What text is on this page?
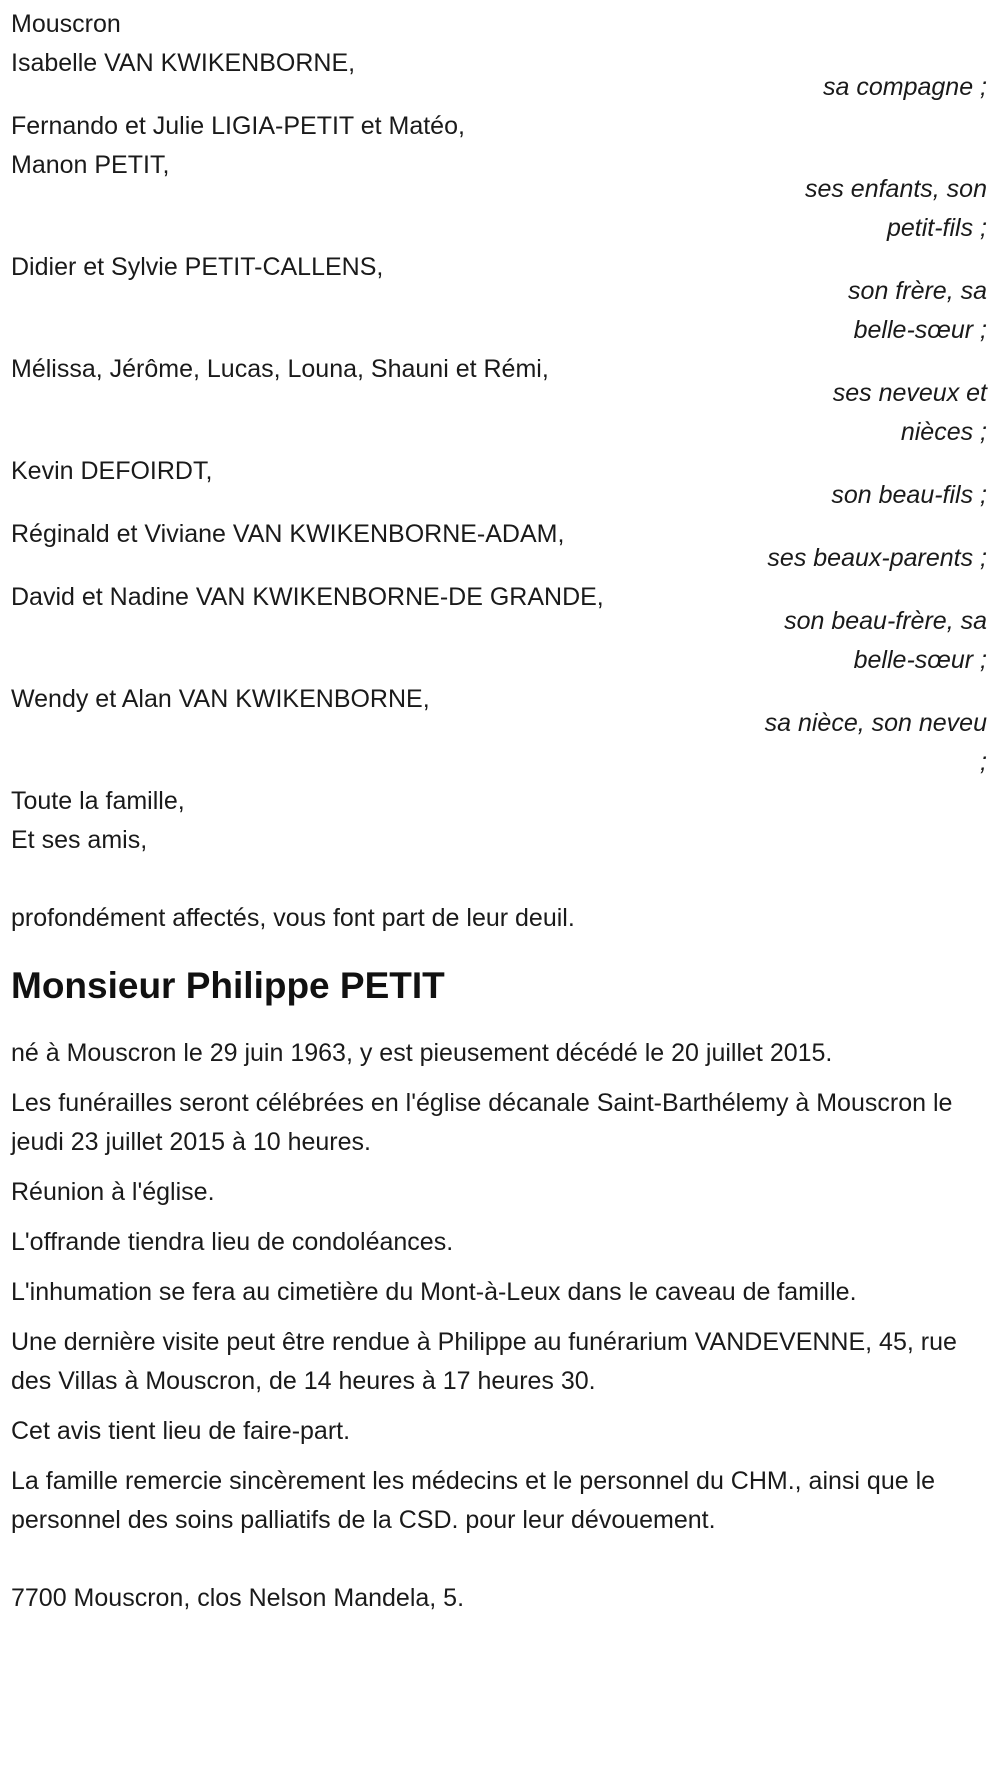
Mouscron
Isabelle VAN KWIKENBORNE,
sa compagne ;
Fernando et Julie LIGIA-PETIT et Matéo,
Manon PETIT,
ses enfants, son
petit-fils ;
Didier et Sylvie PETIT-CALLENS,
son frère, sa
belle-sœur ;
Mélissa, Jérôme, Lucas, Louna, Shauni et Rémi,
ses neveux et
nièces ;
Kevin DEFOIRDT,
son beau-fils ;
Réginald et Viviane VAN KWIKENBORNE-ADAM,
ses beaux-parents ;
David et Nadine VAN KWIKENBORNE-DE GRANDE,
son beau-frère, sa
belle-sœur ;
Wendy et Alan VAN KWIKENBORNE,
sa nièce, son neveu
;
Toute la famille,
Et ses amis,
profondément affectés, vous font part de leur deuil.
Monsieur Philippe PETIT

né à Mouscron le 29 juin 1963, y est pieusement décédé le 20 juillet 2015.

Les funérailles seront célébrées en l'église décanale Saint-Barthélemy à Mouscron le jeudi 23 juillet 2015 à 10 heures.

Réunion à l'église.

L'offrande tiendra lieu de condoléances.

L'inhumation se fera au cimetière du Mont-à-Leux dans le caveau de famille.

Une dernière visite peut être rendue à Philippe au funérarium VANDEVENNE, 45, rue des Villas à Mouscron, de 14 heures à 17 heures 30.

Cet avis tient lieu de faire-part.

La famille remercie sincèrement les médecins et le personnel du CHM., ainsi que le personnel des soins palliatifs de la CSD. pour leur dévouement.

7700 Mouscron, clos Nelson Mandela, 5.
